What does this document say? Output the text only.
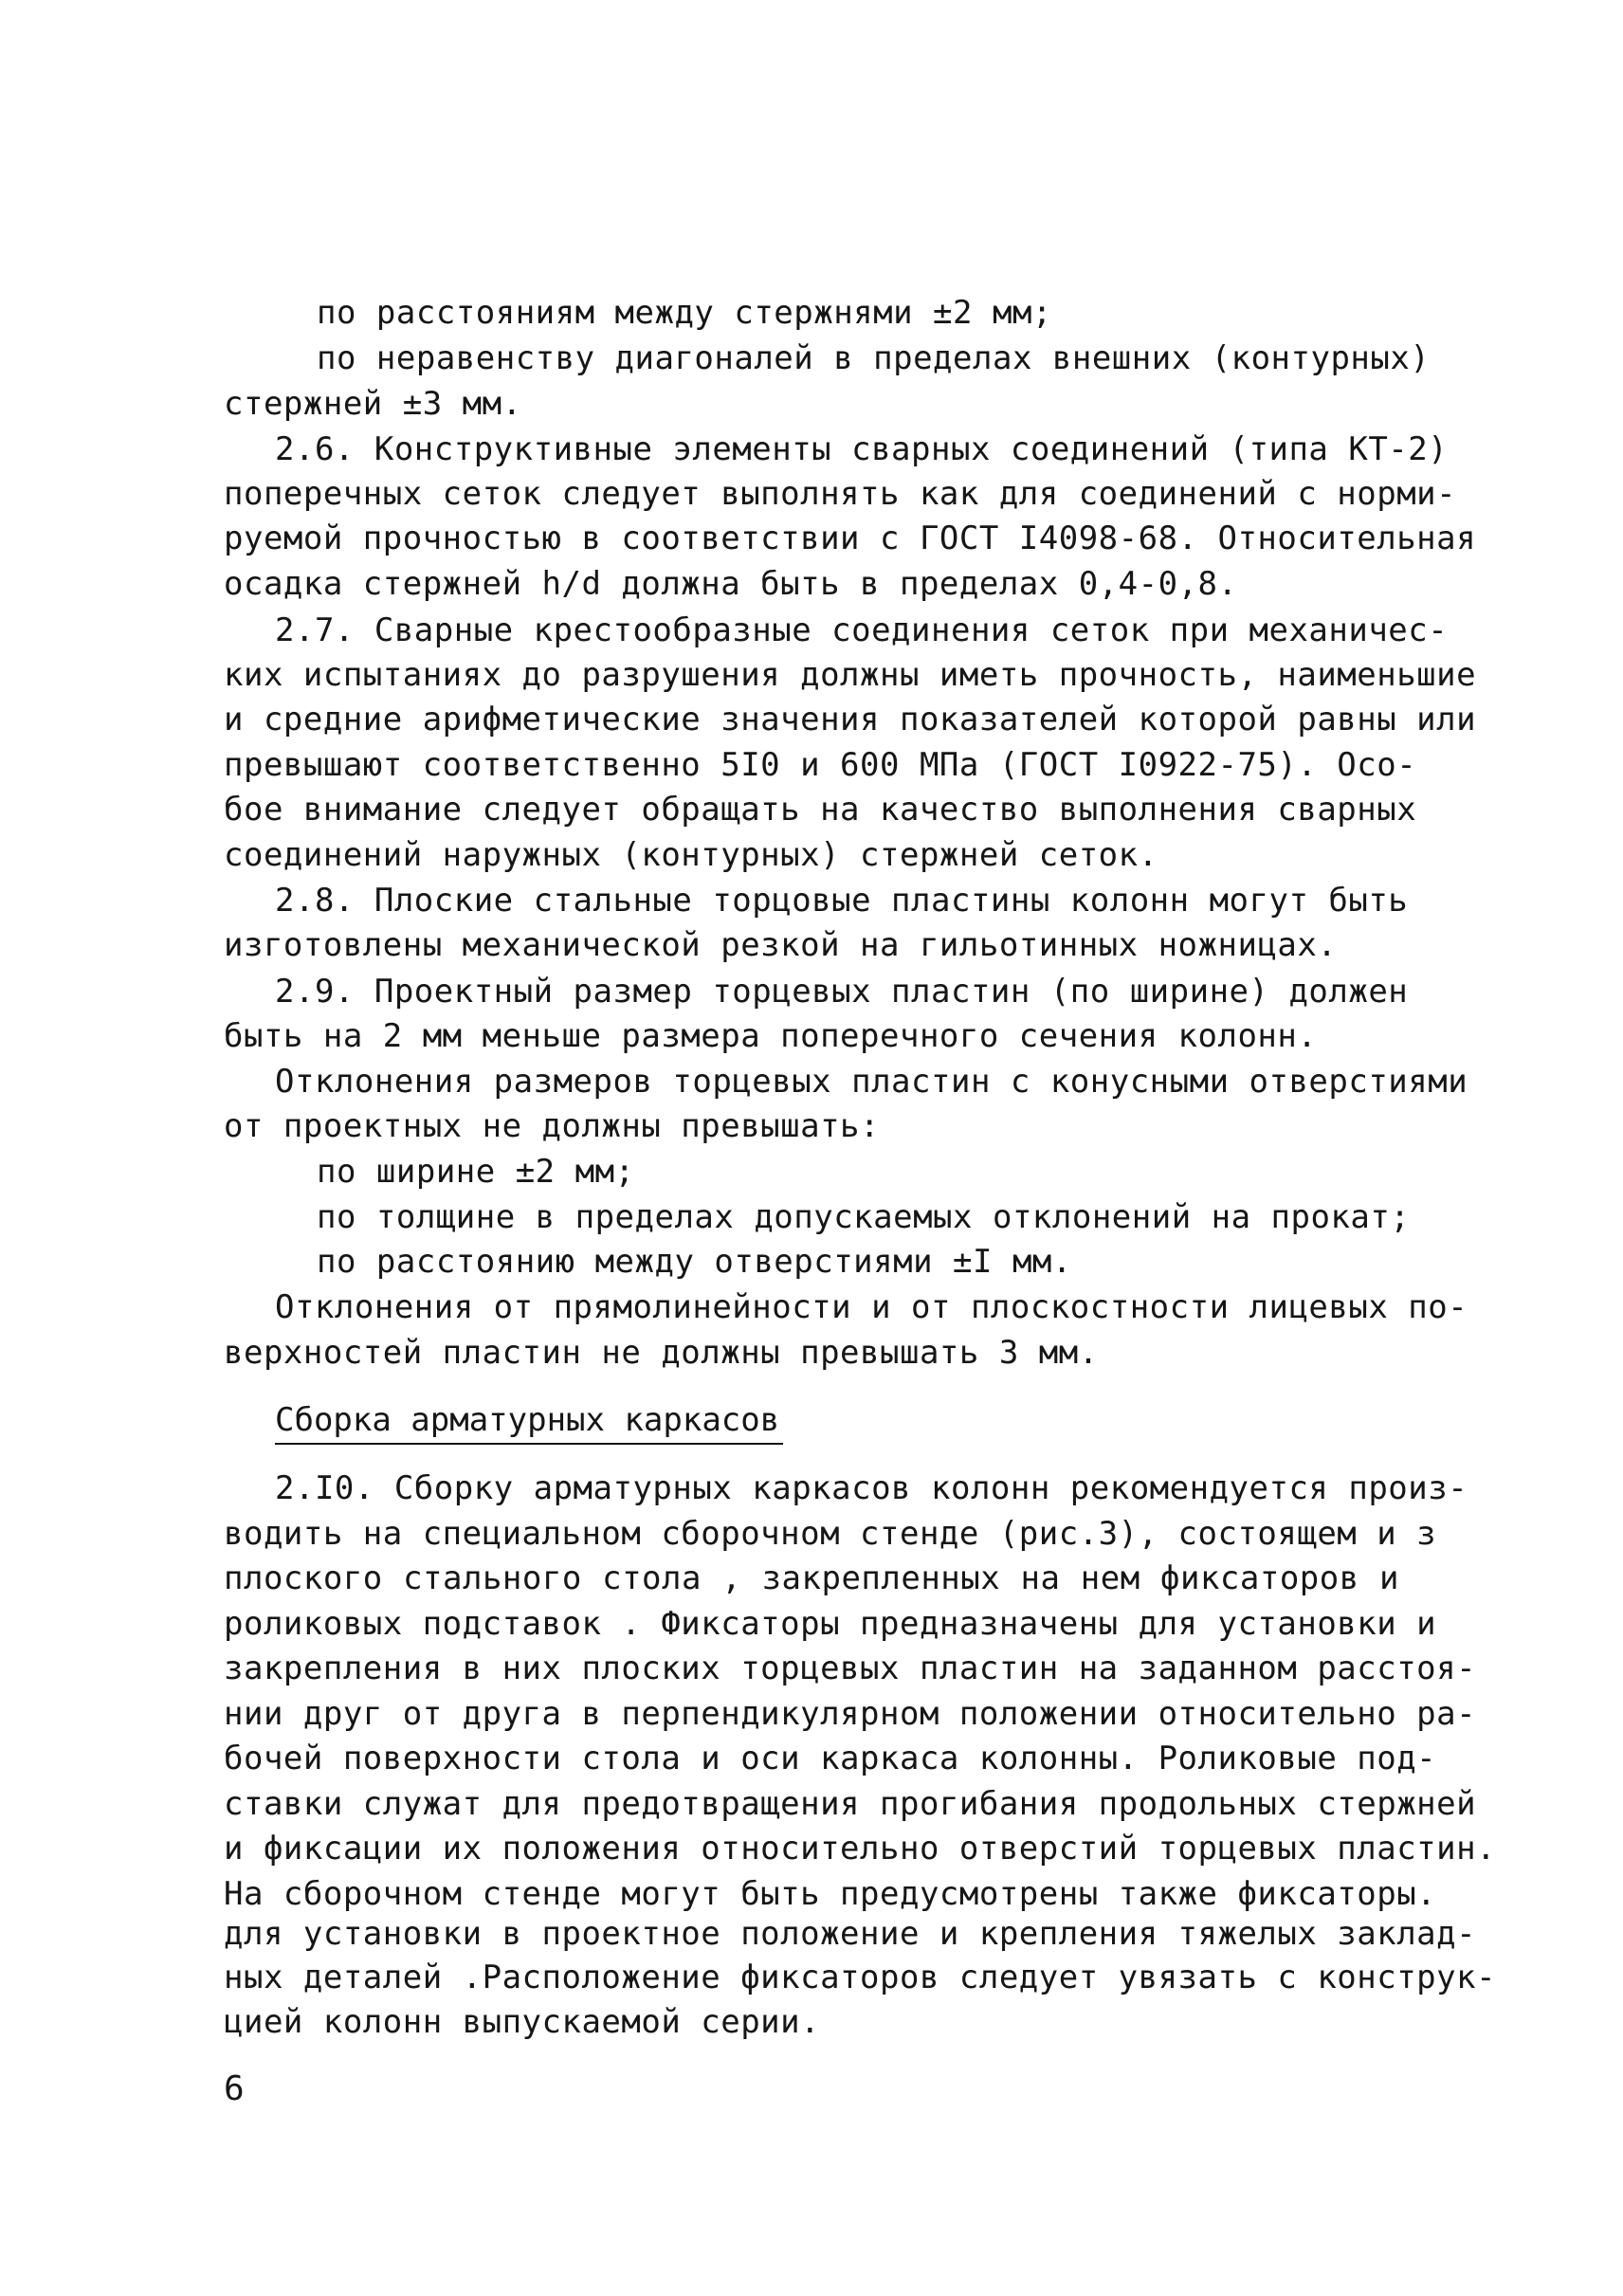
по расстояниям между стержнями ±2 мм;
по неравенству диагоналей в пределах внешних (контурных)
стержней ±3 мм.
2.6. Конструктивные элементы сварных соединений (типа КТ-2)
поперечных сеток следует выполнять как для соединений с норми-
руемой прочностью в соответствии с ГОСТ I4098-68. Относительная
осадка стержней h/d должна быть в пределах 0,4-0,8.
2.7. Сварные крестообразные соединения сеток при механичес-
ких испытаниях до разрушения должны иметь прочность, наименьшие
и средние арифметические значения показателей которой равны или
превышают соответственно 5I0 и 600 МПа (ГОСТ I0922-75). Осо-
бое внимание следует обращать на качество выполнения сварных
соединений наружных (контурных) стержней сеток.
2.8. Плоские стальные торцовые пластины колонн могут быть
изготовлены механической резкой на гильотинных ножницах.
2.9. Проектный размер торцевых пластин (по ширине) должен
быть на 2 мм меньше размера поперечного сечения колонн.
Отклонения размеров торцевых пластин с конусными отверстиями
от проектных не должны превышать:
по ширине ±2 мм;
по толщине в пределах допускаемых отклонений на прокат;
по расстоянию между отверстиями ±I мм.
Отклонения от прямолинейности и от плоскостности лицевых по-
верхностей пластин не должны превышать 3 мм.
Сборка арматурных каркасов
2.I0. Сборку арматурных каркасов колонн рекомендуется произ-
водить на специальном сборочном стенде (рис.3), состоящем и з
плоского стального стола , закрепленных на нем фиксаторов и
роликовых подставок . Фиксаторы предназначены для установки и
закрепления в них плоских торцевых пластин на заданном расстоя-
нии друг от друга в перпендикулярном положении относительно ра-
бочей поверхности стола и оси каркаса колонны. Роликовые под-
ставки служат для предотвращения прогибания продольных стержней
и фиксации их положения относительно отверстий торцевых пластин.
На сборочном стенде могут быть предусмотрены также фиксаторы.
для установки в проектное положение и крепления тяжелых заклад-
ных деталей .Расположение фиксаторов следует увязать с конструк-
цией колонн выпускаемой серии.
6
